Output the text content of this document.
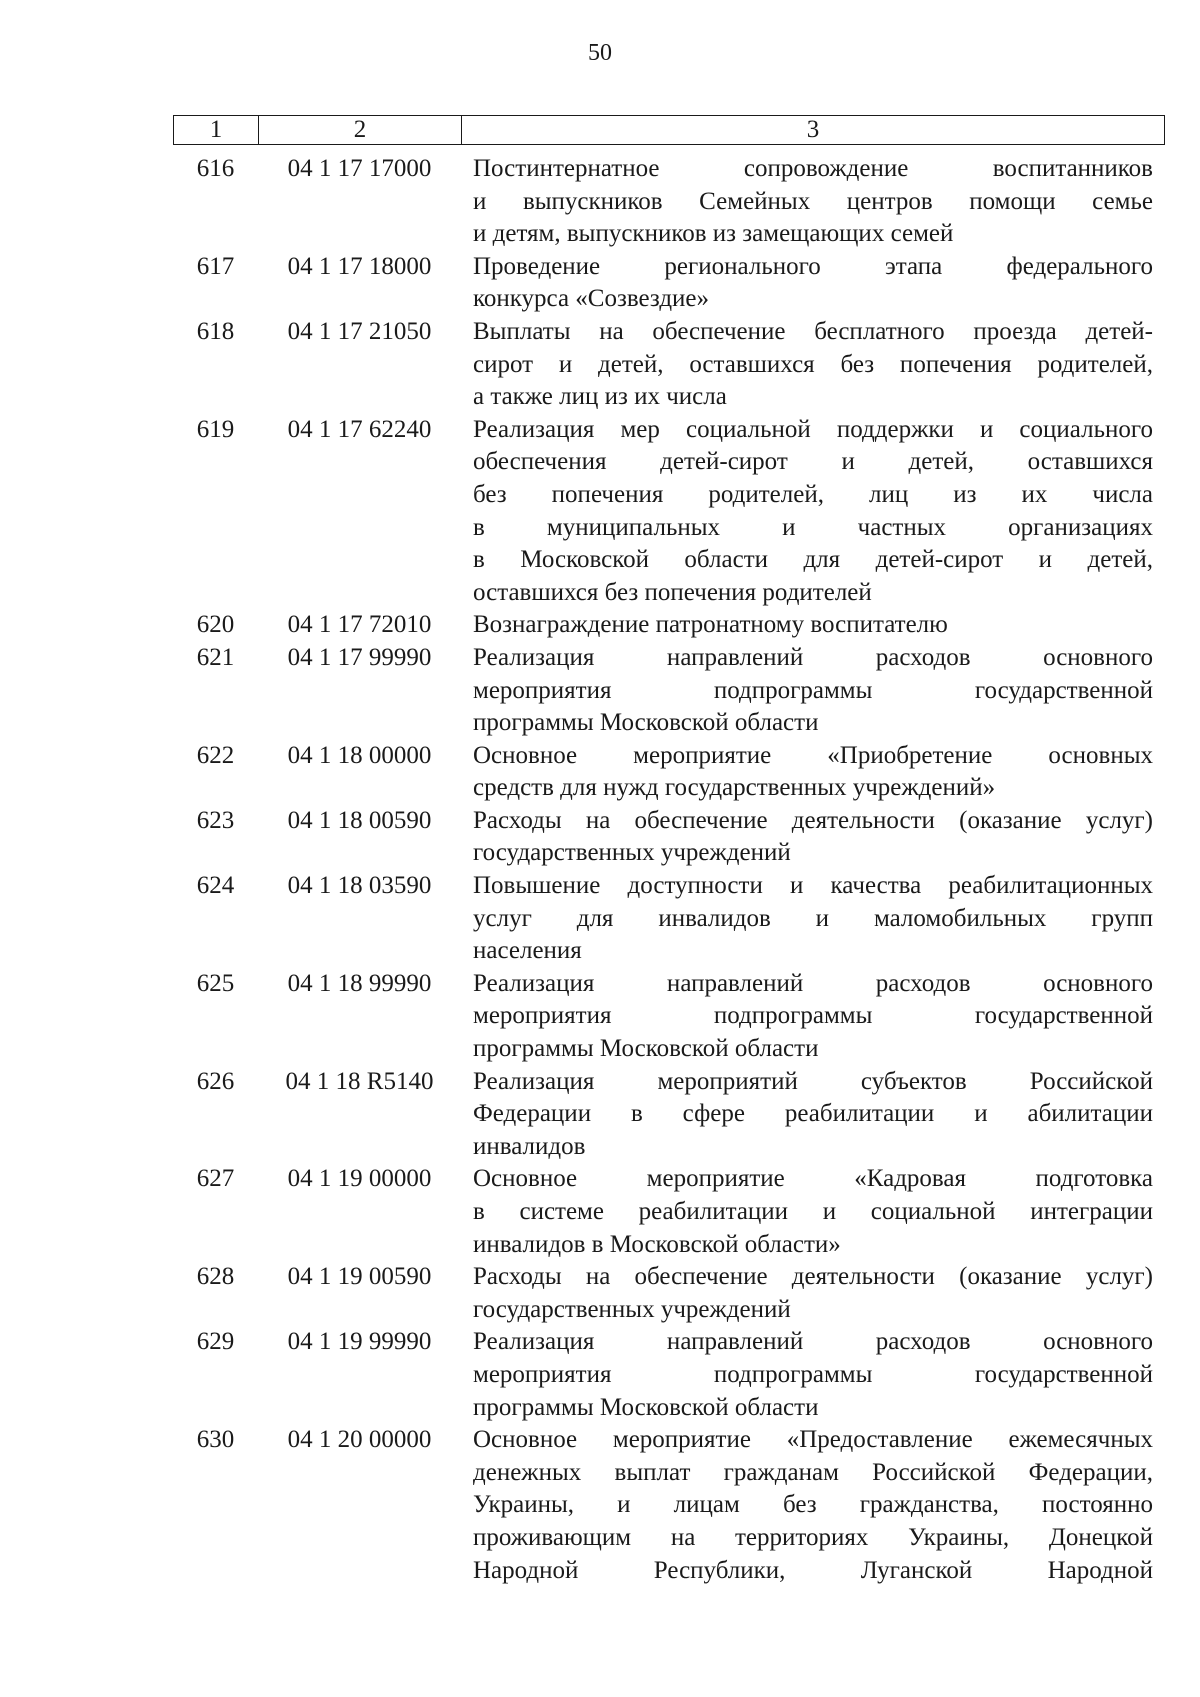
50
1	2	3
616	04 1 17 17000	Постинтернатное сопровождение воспитанников
и выпускников Семейных центров помощи семье
и детям, выпускников из замещающих семей
617	04 1 17 18000	Проведение регионального этапа федерального
конкурса «Созвездие»
618	04 1 17 21050	Выплаты на обеспечение бесплатного проезда детей-
сирот и детей, оставшихся без попечения родителей,
а также лиц из их числа
619	04 1 17 62240	Реализация мер социальной поддержки и социального
обеспечения детей-сирот и детей, оставшихся
без попечения родителей, лиц из их числа
в муниципальных и частных организациях
в Московской области для детей-сирот и детей,
оставшихся без попечения родителей
620	04 1 17 72010	Вознаграждение патронатному воспитателю
621	04 1 17 99990	Реализация направлений расходов основного
мероприятия подпрограммы государственной
программы Московской области
622	04 1 18 00000	Основное мероприятие «Приобретение основных
средств для нужд государственных учреждений»
623	04 1 18 00590	Расходы на обеспечение деятельности (оказание услуг)
государственных учреждений
624	04 1 18 03590	Повышение доступности и качества реабилитационных
услуг для инвалидов и маломобильных групп
населения
625	04 1 18 99990	Реализация направлений расходов основного
мероприятия подпрограммы государственной
программы Московской области
626	04 1 18 R5140	Реализация мероприятий субъектов Российской
Федерации в сфере реабилитации и абилитации
инвалидов
627	04 1 19 00000	Основное мероприятие «Кадровая подготовка
в системе реабилитации и социальной интеграции
инвалидов в Московской области»
628	04 1 19 00590	Расходы на обеспечение деятельности (оказание услуг)
государственных учреждений
629	04 1 19 99990	Реализация направлений расходов основного
мероприятия подпрограммы государственной
программы Московской области
630	04 1 20 00000	Основное мероприятие «Предоставление ежемесячных
денежных выплат гражданам Российской Федерации,
Украины, и лицам без гражданства, постоянно
проживающим на территориях Украины, Донецкой
Народной Республики, Луганской Народной
